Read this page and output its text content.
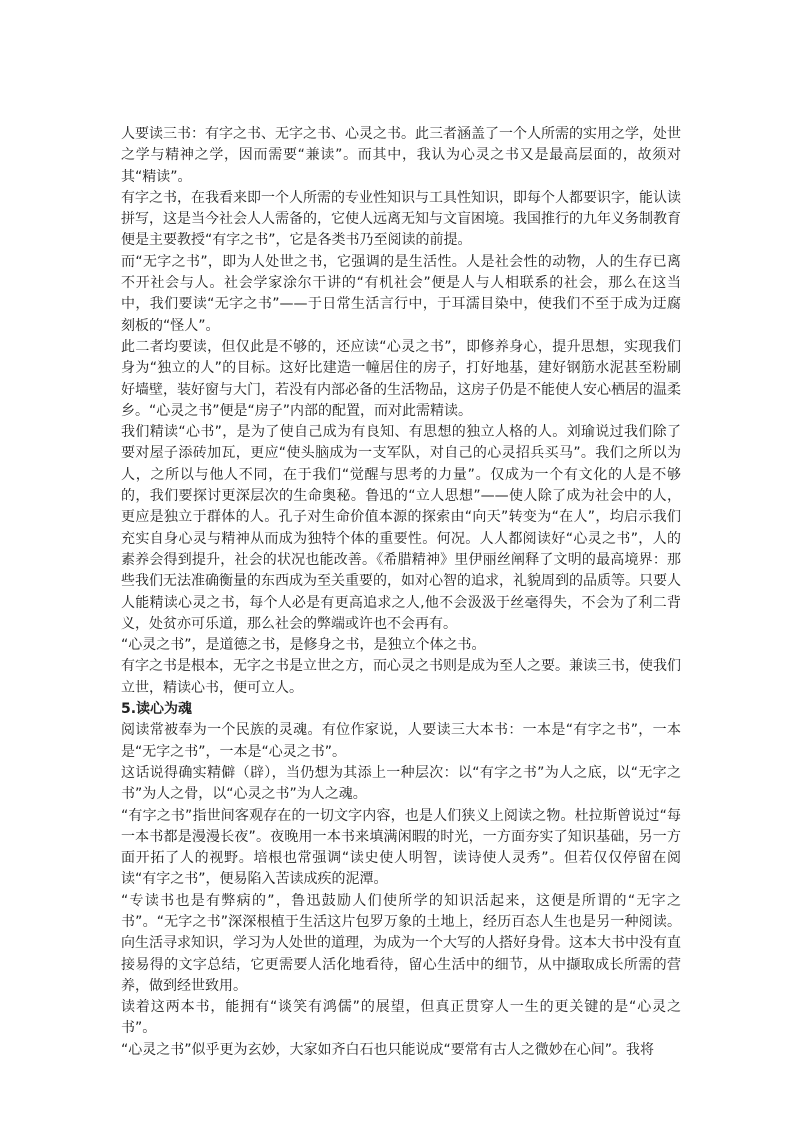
人要读三书：有字之书、无字之书、心灵之书。此三者涵盖了一个人所需的实用之学，处世之学与精神之学，因而需要“兼读”。而其中，我认为心灵之书又是最高层面的，故须对其“精读”。

有字之书，在我看来即一个人所需的专业性知识与工具性知识，即每个人都要识字，能认读拼写，这是当今社会人人需备的，它使人远离无知与文盲困境。我国推行的九年义务制教育便是主要教授“有字之书”，它是各类书乃至阅读的前提。

而“无字之书”，即为人处世之书，它强调的是生活性。人是社会性的动物，人的生存已离不开社会与人。社会学家涂尔干讲的“有机社会”便是人与人相联系的社会，那么在这当中，我们要读“无字之书”——于日常生活言行中，于耳濡目染中，使我们不至于成为迂腐刻板的“怪人”。

此二者均要读，但仅此是不够的，还应读“心灵之书”，即修养身心，提升思想，实现我们身为“独立的人”的目标。这好比建造一幢居住的房子，打好地基，建好钢筋水泥甚至粉刷好墙壁，装好窗与大门，若没有内部必备的生活物品，这房子仍是不能使人安心栖居的温柔乡。“心灵之书”便是“房子”内部的配置，而对此需精读。

我们精读“心书”，是为了使自己成为有良知、有思想的独立人格的人。刘瑜说过我们除了要对屋子添砖加瓦，更应“使头脑成为一支军队，对自己的心灵招兵买马”。我们之所以为人，之所以与他人不同，在于我们“觉醒与思考的力量”。仅成为一个有文化的人是不够的，我们要探讨更深层次的生命奥秘。鲁迅的“立人思想”——使人除了成为社会中的人，更应是独立于群体的人。孔子对生命价值本源的探索由“向天”转变为“在人”，均启示我们充实自身心灵与精神从而成为独特个体的重要性。何况。人人都阅读好“心灵之书”，人的素养会得到提升，社会的状况也能改善。《希腊精神》里伊丽丝阐释了文明的最高境界：那些我们无法准确衡量的东西成为至关重要的，如对心智的追求，礼貌周到的品质等。只要人人能精读心灵之书，每个人必是有更高追求之人,他不会汲汲于丝毫得失，不会为了利二背义，处贫亦可乐道，那么社会的弊端或许也不会再有。

“心灵之书”，是道德之书，是修身之书，是独立个体之书。

有字之书是根本，无字之书是立世之方，而心灵之书则是成为至人之要。兼读三书，使我们立世，精读心书，便可立人。

5.读心为魂

阅读常被奉为一个民族的灵魂。有位作家说，人要读三大本书：一本是“有字之书”，一本是“无字之书”，一本是“心灵之书”。

这话说得确实精僻（辟），当仍想为其添上一种层次：以“有字之书”为人之底，以“无字之书”为人之骨，以“心灵之书”为人之魂。

“有字之书”指世间客观存在的一切文字内容，也是人们狭义上阅读之物。杜拉斯曾说过“每一本书都是漫漫长夜”。夜晚用一本书来填满闲暇的时光，一方面夯实了知识基础，另一方面开拓了人的视野。培根也常强调“读史使人明智，读诗使人灵秀”。但若仅仅停留在阅读“有字之书”，便易陷入苦读成疾的泥潭。

“专读书也是有弊病的”，鲁迅鼓励人们使所学的知识活起来，这便是所谓的“无字之书”。“无字之书”深深根植于生活这片包罗万象的土地上，经历百态人生也是另一种阅读。向生活寻求知识，学习为人处世的道理，为成为一个大写的人搭好身骨。这本大书中没有直接易得的文字总结，它更需要人活化地看待，留心生活中的细节，从中撷取成长所需的营养，做到经世致用。

读着这两本书，能拥有“谈笑有鸿儒”的展望，但真正贯穿人一生的更关键的是“心灵之书”。

“心灵之书”似乎更为玄妙，大家如齐白石也只能说成“要常有古人之微妙在心间”。我将
